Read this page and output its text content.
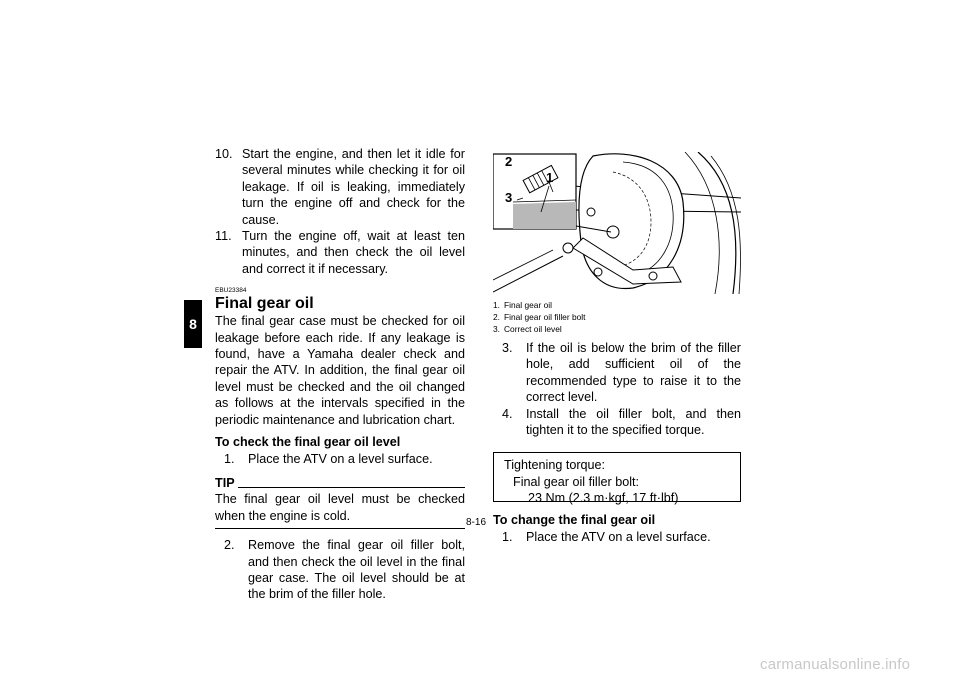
8
10. Start the engine, and then let it idle for several minutes while checking it for oil leakage. If oil is leaking, immediately turn the engine off and check for the cause.
11. Turn the engine off, wait at least ten minutes, and then check the oil level and correct it if necessary.
EBU23384
Final gear oil

The final gear case must be checked for oil leakage before each ride. If any leakage is found, have a Yamaha dealer check and repair the ATV. In addition, the final gear oil level must be checked and the oil changed as follows at the intervals specified in the periodic maintenance and lubrication chart.

To check the final gear oil level
1.	Place the ATV on a level surface.
TIP

The final gear oil level must be checked when the engine is cold.

2.	Remove the final gear oil filler bolt, and then check the oil level in the final gear case. The oil level should be at the brim of the filler hole.
2
1
3
1. Final gear oil
2. Final gear oil filler bolt
3. Correct oil level
3.	If the oil is below the brim of the filler hole, add sufficient oil of the recommended type to raise it to the correct level.
4.	Install the oil filler bolt, and then tighten it to the specified torque.
Tightening torque:
Final gear oil filler bolt:
23 Nm (2.3 m·kgf, 17 ft·lbf)
To change the final gear oil
1.	Place the ATV on a level surface.
8-16
carmanualsonline.info
